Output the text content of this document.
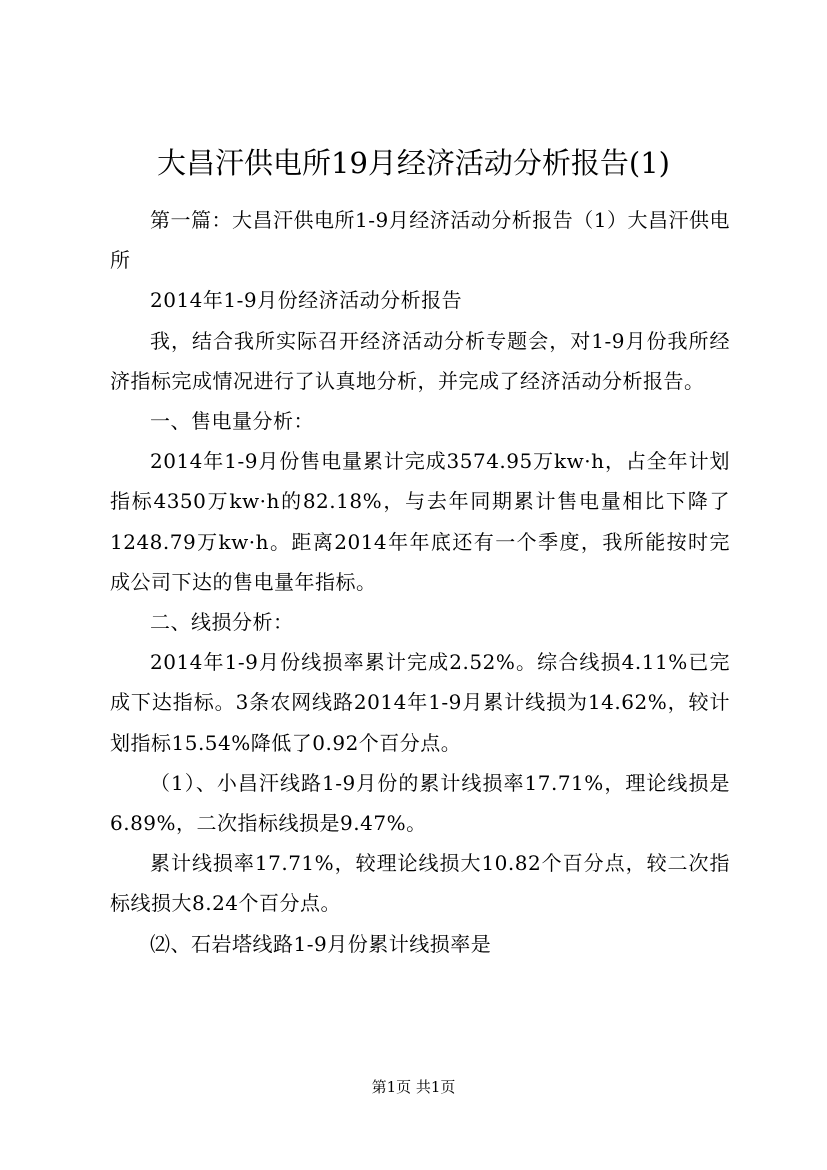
大昌汗供电所19月经济活动分析报告(1)

第一篇：大昌汗供电所1-9月经济活动分析报告（1）大昌汗供电所

2014年1-9月份经济活动分析报告

我，结合我所实际召开经济活动分析专题会，对1-9月份我所经济指标完成情况进行了认真地分析，并完成了经济活动分析报告。

一、售电量分析：

2014年1-9月份售电量累计完成3574.95万kw·h，占全年计划指标4350万kw·h的82.18%，与去年同期累计售电量相比下降了1248.79万kw·h。距离2014年年底还有一个季度，我所能按时完成公司下达的售电量年指标。

二、线损分析：

2014年1-9月份线损率累计完成2.52%。综合线损4.11%已完成下达指标。3条农网线路2014年1-9月累计线损为14.62%，较计划指标15.54%降低了0.92个百分点。

（1）、小昌汗线路1-9月份的累计线损率17.71%，理论线损是6.89%，二次指标线损是9.47%。

累计线损率17.71%，较理论线损大10.82个百分点，较二次指标线损大8.24个百分点。

⑵、石岩塔线路1-9月份累计线损率是

第1页 共1页
